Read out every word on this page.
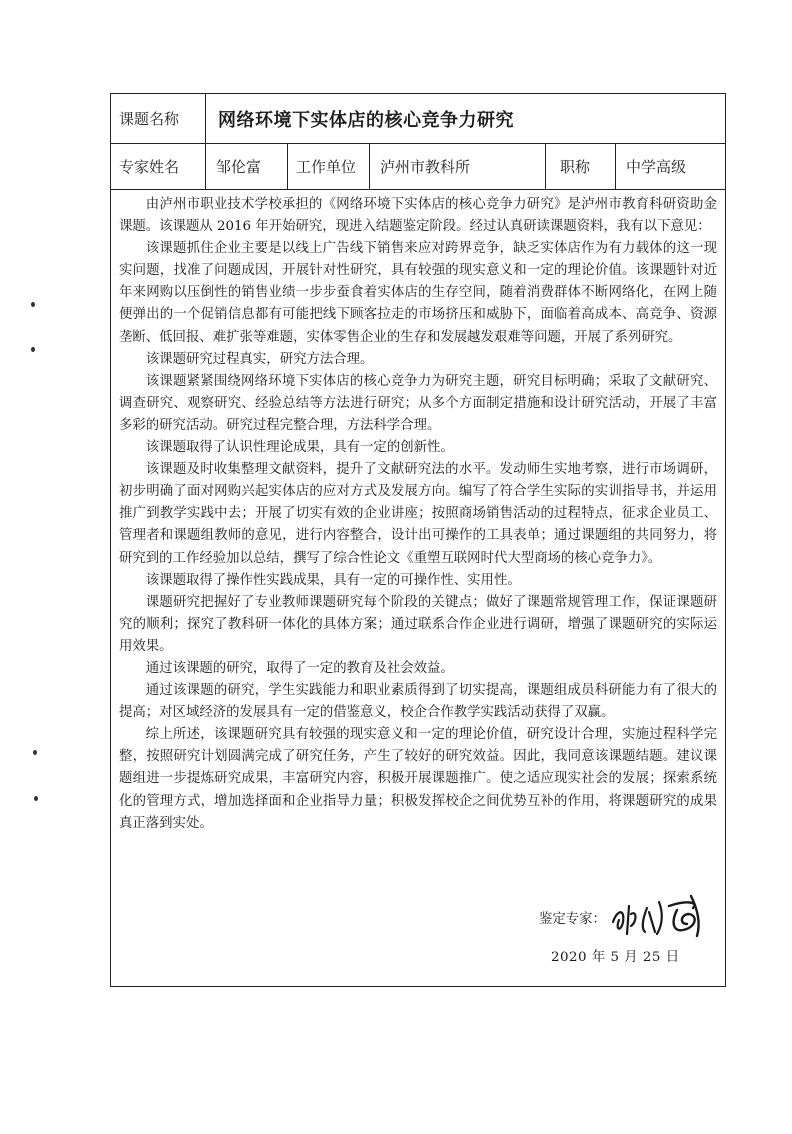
课题名称	网络环境下实体店的核心竞争力研究
专家姓名	邹伦富	工作单位	泸州市教科所	职称	中学高级

由泸州市职业技术学校承担的《网络环境下实体店的核心竞争力研究》是泸州市教育科研资助金课题。该课题从 2016 年开始研究，现进入结题鉴定阶段。经过认真研读课题资料，我有以下意见：

该课题抓住企业主要是以线上广告线下销售来应对跨界竞争，缺乏实体店作为有力载体的这一现实问题，找准了问题成因，开展针对性研究，具有较强的现实意义和一定的理论价值。该课题针对近年来网购以压倒性的销售业绩一步步蚕食着实体店的生存空间，随着消费群体不断网络化，在网上随便弹出的一个促销信息都有可能把线下顾客拉走的市场挤压和威胁下，面临着高成本、高竞争、资源垄断、低回报、难扩张等难题，实体零售企业的生存和发展越发艰难等问题，开展了系列研究。

该课题研究过程真实，研究方法合理。

该课题紧紧围绕网络环境下实体店的核心竞争力为研究主题，研究目标明确；采取了文献研究、调查研究、观察研究、经验总结等方法进行研究；从多个方面制定措施和设计研究活动，开展了丰富多彩的研究活动。研究过程完整合理，方法科学合理。

该课题取得了认识性理论成果，具有一定的创新性。

该课题及时收集整理文献资料，提升了文献研究法的水平。发动师生实地考察，进行市场调研，初步明确了面对网购兴起实体店的应对方式及发展方向。编写了符合学生实际的实训指导书，并运用推广到教学实践中去；开展了切实有效的企业讲座；按照商场销售活动的过程特点，征求企业员工、管理者和课题组教师的意见，进行内容整合，设计出可操作的工具表单；通过课题组的共同努力，将研究到的工作经验加以总结，撰写了综合性论文《重塑互联网时代大型商场的核心竞争力》。

该课题取得了操作性实践成果，具有一定的可操作性、实用性。

课题研究把握好了专业教师课题研究每个阶段的关键点；做好了课题常规管理工作，保证课题研究的顺利；探究了教科研一体化的具体方案；通过联系合作企业进行调研，增强了课题研究的实际运用效果。

通过该课题的研究，取得了一定的教育及社会效益。

通过该课题的研究，学生实践能力和职业素质得到了切实提高，课题组成员科研能力有了很大的提高；对区域经济的发展具有一定的借鉴意义，校企合作教学实践活动获得了双赢。

综上所述，该课题研究具有较强的现实意义和一定的理论价值，研究设计合理，实施过程科学完整，按照研究计划圆满完成了研究任务，产生了较好的研究效益。因此，我同意该课题结题。建议课题组进一步提炼研究成果，丰富研究内容，积极开展课题推广。使之适应现实社会的发展；探索系统化的管理方式，增加选择面和企业指导力量；积极发挥校企之间优势互补的作用，将课题研究的成果真正落到实处。

鉴定专家：
2020 年 5 月 25 日
